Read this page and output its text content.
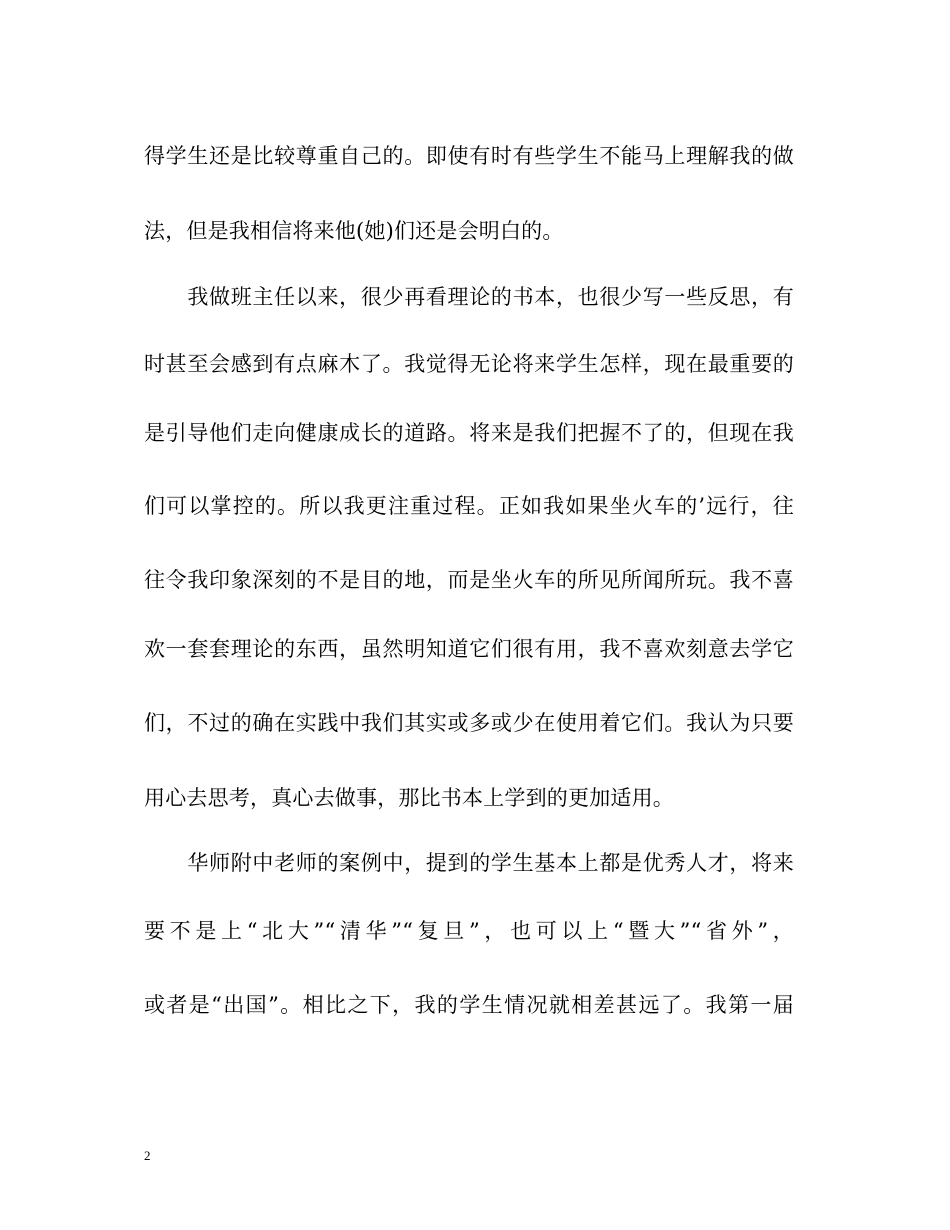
得学生还是比较尊重自己的。即使有时有些学生不能马上理解我的做
法，但是我相信将来他(她)们还是会明白的。
　　我做班主任以来，很少再看理论的书本，也很少写一些反思，有
时甚至会感到有点麻木了。我觉得无论将来学生怎样，现在最重要的
是引导他们走向健康成长的道路。将来是我们把握不了的，但现在我
们可以掌控的。所以我更注重过程。正如我如果坐火车的’远行，往
往令我印象深刻的不是目的地，而是坐火车的所见所闻所玩。我不喜
欢一套套理论的东西，虽然明知道它们很有用，我不喜欢刻意去学它
们，不过的确在实践中我们其实或多或少在使用着它们。我认为只要
用心去思考，真心去做事，那比书本上学到的更加适用。
　　华师附中老师的案例中，提到的学生基本上都是优秀人才，将来
要不是上“北大”“清华”“复旦”，也可以上“暨大”“省外”，
或者是“出国”。相比之下，我的学生情况就相差甚远了。我第一届
2
